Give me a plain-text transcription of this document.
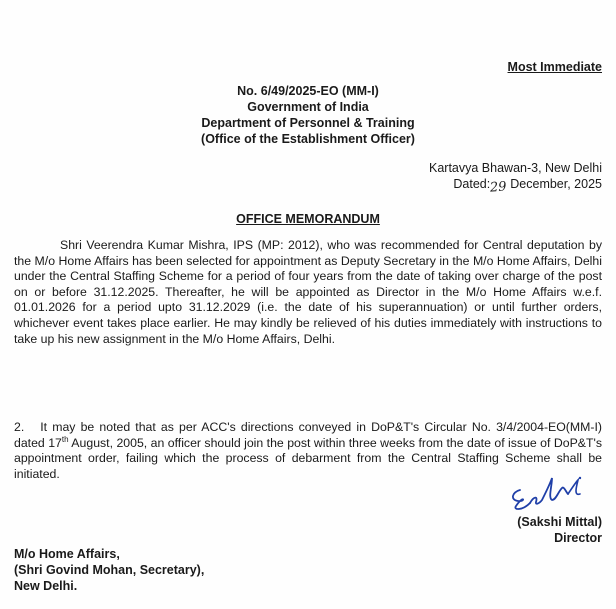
Most Immediate
No. 6/49/2025-EO (MM-I)
Government of India
Department of Personnel & Training
(Office of the Establishment Officer)
Kartavya Bhawan-3, New Delhi
Dated:29 December, 2025
OFFICE MEMORANDUM
Shri Veerendra Kumar Mishra, IPS (MP: 2012), who was recommended for Central deputation by the M/o Home Affairs has been selected for appointment as Deputy Secretary in the M/o Home Affairs, Delhi under the Central Staffing Scheme for a period of four years from the date of taking over charge of the post on or before 31.12.2025. Thereafter, he will be appointed as Director in the M/o Home Affairs w.e.f. 01.01.2026 for a period upto 31.12.2029 (i.e. the date of his superannuation) or until further orders, whichever event takes place earlier. He may kindly be relieved of his duties immediately with instructions to take up his new assignment in the M/o Home Affairs, Delhi.
2. It may be noted that as per ACC's directions conveyed in DoP&T's Circular No. 3/4/2004-EO(MM-I) dated 17th August, 2005, an officer should join the post within three weeks from the date of issue of DoP&T's appointment order, failing which the process of debarment from the Central Staffing Scheme shall be initiated.
(Sakshi Mittal)
Director
M/o Home Affairs,
(Shri Govind Mohan, Secretary),
New Delhi.
